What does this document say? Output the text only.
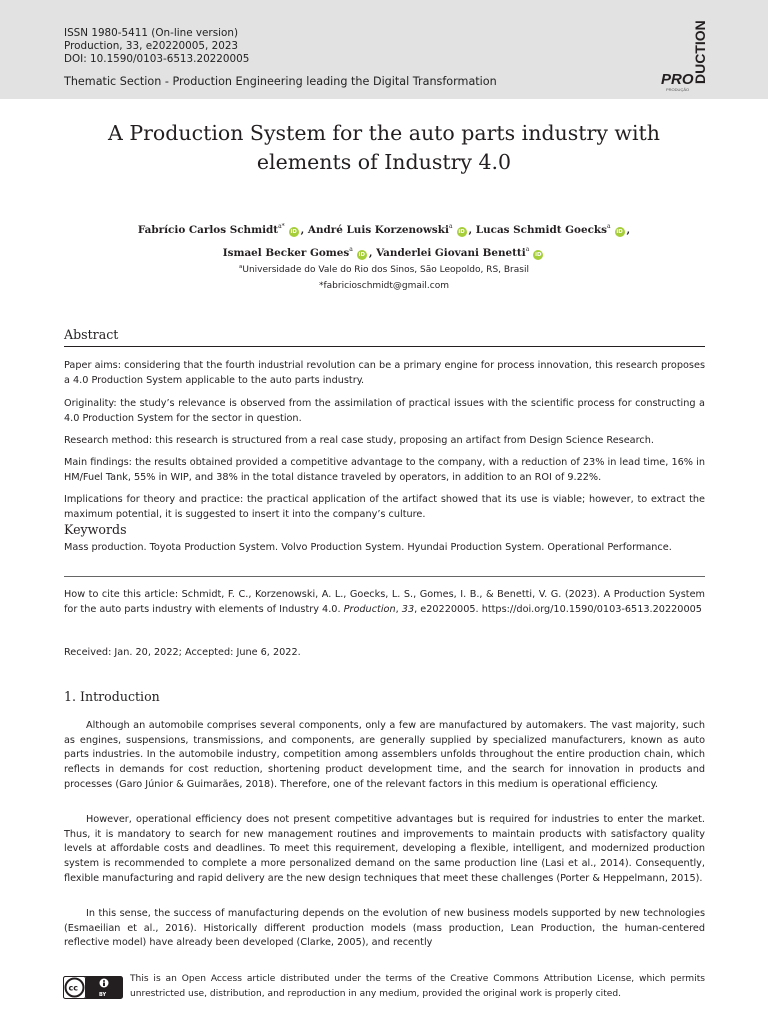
ISSN 1980-5411 (On-line version)
Production, 33, e20220005, 2023
DOI: 10.1590/0103-6513.20220005
Thematic Section - Production Engineering leading the Digital Transformation	PRO
DUCTION
PRODUÇÃO
A Production System for the auto parts industry with
elements of Industry 4.0
Fabrício Carlos Schmidt$^{a*}$iD , André Luis Korzenowski$^a$iD , Lucas Schmidt Goecks$^a$iD ,
Ismael Becker Gomes$^a$iD , Vanderlei Giovani Benetti$^a$iD
$^a$Universidade do Vale do Rio dos Sinos, São Leopoldo, RS, Brasil
*fabricioschmidt@gmail.com
Abstract
Paper aims: considering that the fourth industrial revolution can be a primary engine for process innovation, this research proposes a 4.0 Production System applicable to the auto parts industry.
Originality: the study’s relevance is observed from the assimilation of practical issues with the scientific process for constructing a 4.0 Production System for the sector in question.
Research method: this research is structured from a real case study, proposing an artifact from Design Science Research.
Main findings: the results obtained provided a competitive advantage to the company, with a reduction of 23% in lead time, 16% in HM/Fuel Tank, 55% in WIP, and 38% in the total distance traveled by operators, in addition to an ROI of 9.22%.
Implications for theory and practice: the practical application of the artifact showed that its use is viable; however, to extract the maximum potential, it is suggested to insert it into the company’s culture.
Keywords
Mass production. Toyota Production System. Volvo Production System. Hyundai Production System. Operational Performance.
How to cite this article: Schmidt, F. C., Korzenowski, A. L., Goecks, L. S., Gomes, I. B., & Benetti, V. G. (2023). A Production System for the auto parts industry with elements of Industry 4.0. Production, 33, e20220005. https://doi.org/10.1590/0103-6513.20220005
Received: Jan. 20, 2022; Accepted: June 6, 2022.
1. Introduction
Although an automobile comprises several components, only a few are manufactured by automakers. The vast majority, such as engines, suspensions, transmissions, and components, are generally supplied by specialized manufacturers, known as auto parts industries. In the automobile industry, competition among assemblers unfolds throughout the entire production chain, which reflects in demands for cost reduction, shortening product development time, and the search for innovation in products and processes (Garo Júnior & Guimarães, 2018). Therefore, one of the relevant factors in this medium is operational efficiency.
However, operational efficiency does not present competitive advantages but is required for industries to enter the market. Thus, it is mandatory to search for new management routines and improvements to maintain products with satisfactory quality levels at affordable costs and deadlines. To meet this requirement, developing a flexible, intelligent, and modernized production system is recommended to complete a more personalized demand on the same production line (Lasi et al., 2014). Consequently, flexible manufacturing and rapid delivery are the new design techniques that meet these challenges (Porter & Heppelmann, 2015).
In this sense, the success of manufacturing depends on the evolution of new business models supported by new technologies (Esmaeilian et al., 2016). Historically different production models (mass production, Lean Production, the human-centered reflective model) have already been developed (Clarke, 2005), and recently
cc
BY
This is an Open Access article distributed under the terms of the Creative Commons Attribution License, which permits unrestricted use, distribution, and reproduction in any medium, provided the original work is properly cited.
